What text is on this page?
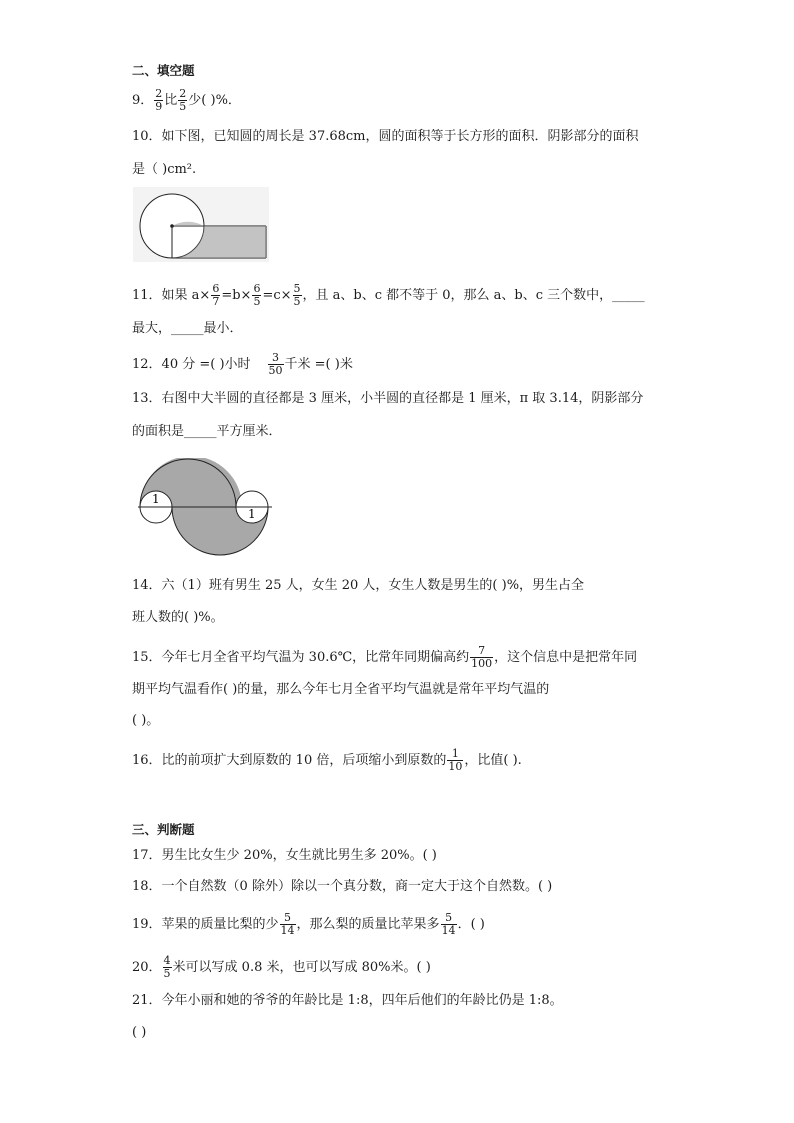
二、填空题
9． $\frac{2}{9}$ 比 $\frac{2}{5}$ 少( )%．
10．如下图，已知圆的周长是 37.68cm，圆的面积等于长方形的面积．阴影部分的面积
是（ )cm².
11．如果 $a\times \frac{6}{7} =b\times \frac{6}{5} =c\times \frac{5}{5}$ ，且 a、b、c 都不等于 0，那么 a、b、c 三个数中，_____
最大，_____最小．
12．40 分 =( )小时 $\frac{3}{50}$ 千米 =( )米
13．右图中大半圆的直径都是 3 厘米，小半圆的直径都是 1 厘米，π 取 3.14，阴影部分
的面积是_____平方厘米．
1
1
14．六（1）班有男生 25 人，女生 20 人，女生人数是男生的( )%，男生占全
班人数的( )%。
15．今年七月全省平均气温为 30.6℃，比常年同期偏高约 $\frac{7}{100}$ ，这个信息中是把常年同
期平均气温看作( )的量，那么今年七月全省平均气温就是常年平均气温的
( )。
16．比的前项扩大到原数的 10 倍，后项缩小到原数的 $\frac{1}{10}$ ，比值( ).
三、判断题
17．男生比女生少 20%，女生就比男生多 20%。( )
18．一个自然数（0 除外）除以一个真分数，商一定大于这个自然数。( )
19．苹果的质量比梨的少 $\frac{5}{14}$ ，那么梨的质量比苹果多 $\frac{5}{14}$ ．( )
20． $\frac{4}{5}$ 米可以写成 0.8 米，也可以写成 80%米。( )
21．今年小丽和她的爷爷的年龄比是 1:8，四年后他们的年龄比仍是 1:8。
( )
